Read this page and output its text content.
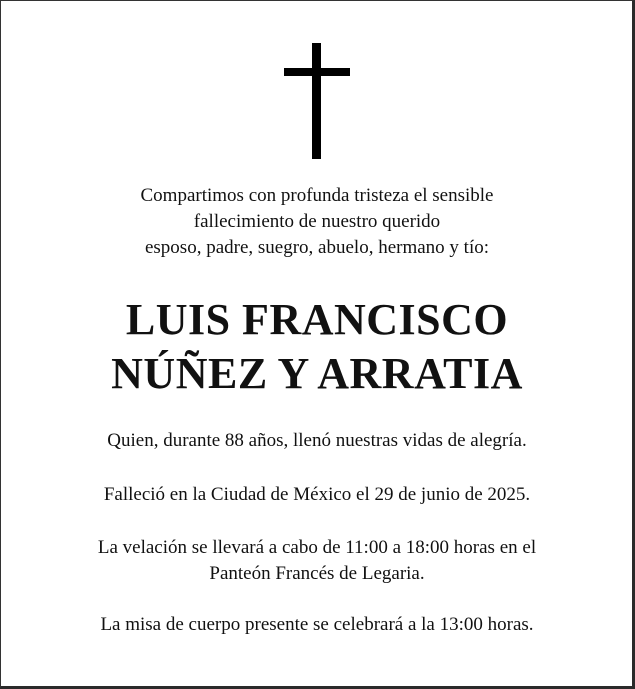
Compartimos con profunda tristeza el sensible
fallecimiento de nuestro querido
esposo, padre, suegro, abuelo, hermano y tío:
LUIS FRANCISCO
NÚÑEZ Y ARRATIA
Quien, durante 88 años, llenó nuestras vidas de alegría.
Falleció en la Ciudad de México el 29 de junio de 2025.
La velación se llevará a cabo de 11:00 a 18:00 horas en el
Panteón Francés de Legaria.
La misa de cuerpo presente se celebrará a la 13:00 horas.
